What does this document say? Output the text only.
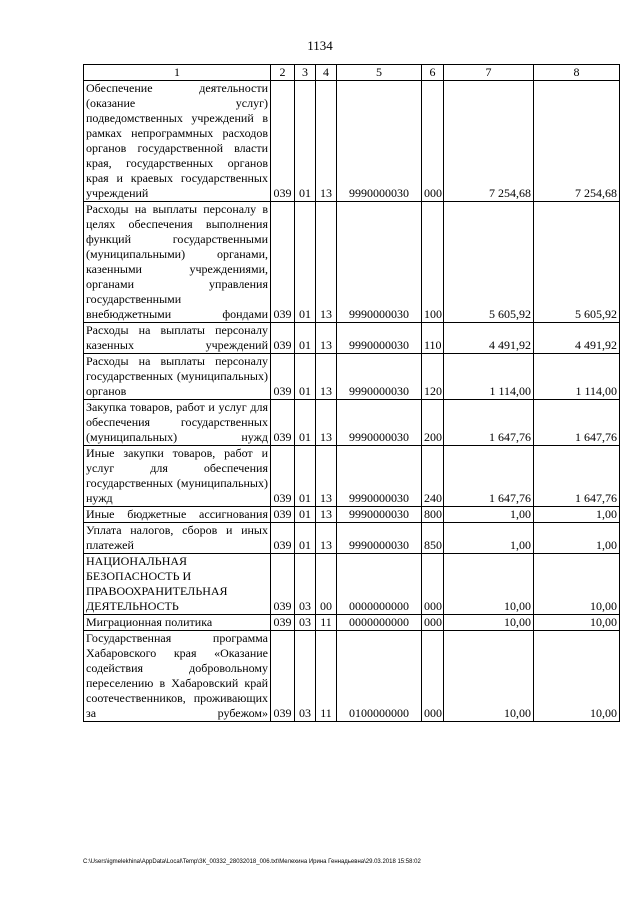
1134
1	2	3	4	5	6	7	8
Обеспечение деятельности (оказание услуг) подведомственных учреждений в рамках непрограммных расходов органов государственной власти края, государственных органов края и краевых государственных учреждений	039	01	13	9990000030	000	7 254,68	7 254,68
Расходы на выплаты персоналу в целях обеспечения выполнения функций государственными (муниципальными) органами, казенными учреждениями, органами управления государственными внебюджетными фондами	039	01	13	9990000030	100	5 605,92	5 605,92
Расходы на выплаты персоналу казенных учреждений	039	01	13	9990000030	110	4 491,92	4 491,92
Расходы на выплаты персоналу государственных (муниципальных) органов	039	01	13	9990000030	120	1 114,00	1 114,00
Закупка товаров, работ и услуг для обеспечения государственных (муниципальных) нужд	039	01	13	9990000030	200	1 647,76	1 647,76
Иные закупки товаров, работ и услуг для обеспечения государственных (муниципальных) нужд	039	01	13	9990000030	240	1 647,76	1 647,76
Иные бюджетные ассигнования	039	01	13	9990000030	800	1,00	1,00
Уплата налогов, сборов и иных платежей	039	01	13	9990000030	850	1,00	1,00
НАЦИОНАЛЬНАЯ БЕЗОПАСНОСТЬ И ПРАВООХРАНИТЕЛЬНАЯ ДЕЯТЕЛЬНОСТЬ	039	03	00	0000000000	000	10,00	10,00
Миграционная политика	039	03	11	0000000000	000	10,00	10,00
Государственная программа Хабаровского края «Оказание содействия добровольному переселению в Хабаровский край соотечественников, проживающих за рубежом»	039	03	11	0100000000	000	10,00	10,00
C:\Users\igmelekhina\AppData\Local\Temp\ЗК_00332_28032018_006.txt\Мелехина Ирина Геннадьевна\29.03.2018 15:58:02
